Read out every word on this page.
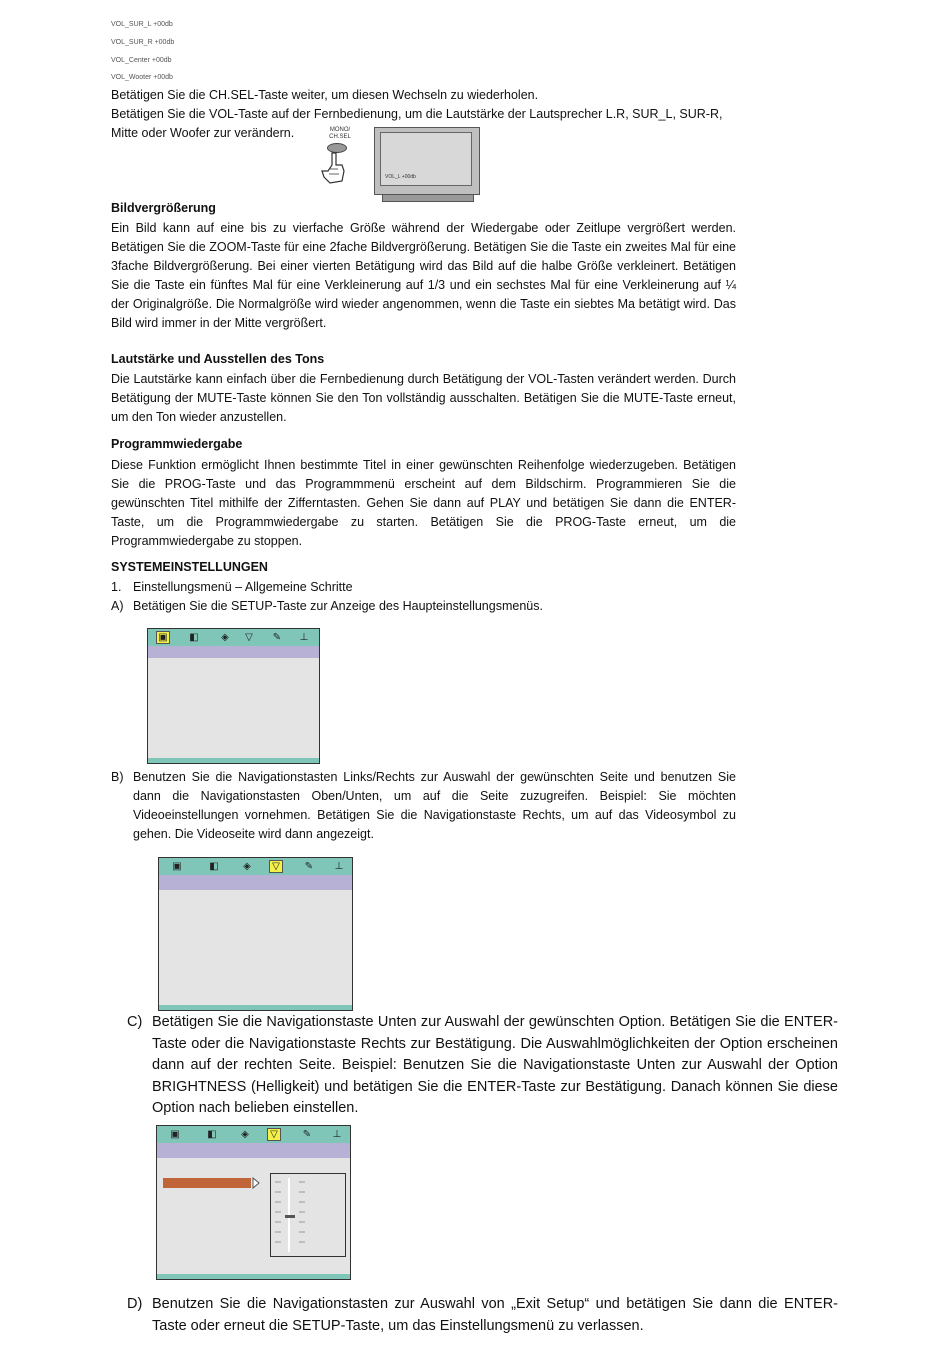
VOL_SUR_L +00db
VOL_SUR_R +00db
VOL_Center +00db
VOL_Wooter +00db
Betätigen Sie die CH.SEL-Taste weiter, um diesen Wechseln zu wiederholen.
Betätigen Sie die VOL-Taste auf der Fernbedienung, um die Lautstärke der Lautsprecher L.R, SUR_L, SUR-R,
Mitte oder Woofer zur verändern.	MONO/ CH.SEL
VOL_L +00db
Bildvergrößerung
Ein Bild kann auf eine bis zu vierfache Größe während der Wiedergabe oder Zeitlupe vergrößert werden. Betätigen Sie die ZOOM-Taste für eine 2fache Bildvergrößerung. Betätigen Sie die Taste ein zweites Mal für eine 3fache Bildvergrößerung. Bei einer vierten Betätigung wird das Bild auf die halbe Größe verkleinert. Betätigen Sie die Taste ein fünftes Mal für eine Verkleinerung auf 1/3 und ein sechstes Mal für eine Verkleinerung auf ¼ der Originalgröße. Die Normalgröße wird wieder angenommen, wenn die Taste ein siebtes Ma betätigt wird. Das Bild wird immer in der Mitte vergrößert.
Lautstärke und Ausstellen des Tons
Die Lautstärke kann einfach über die Fernbedienung durch Betätigung der VOL-Tasten verändert werden. Durch Betätigung der MUTE-Taste können Sie den Ton vollständig ausschalten. Betätigen Sie die MUTE-Taste erneut, um den Ton wieder anzustellen.
Programmwiedergabe
Diese Funktion ermöglicht Ihnen bestimmte Titel in einer gewünschten Reihenfolge wiederzugeben. Betätigen Sie die PROG-Taste und das Programmmenü erscheint auf dem Bildschirm. Programmieren Sie die gewünschten Titel mithilfe der Zifferntasten. Gehen Sie dann auf PLAY und betätigen Sie dann die ENTER-Taste, um die Programmwiedergabe zu starten. Betätigen Sie die PROG-Taste erneut, um die Programmwiedergabe zu stoppen.
SYSTEMEINSTELLUNGEN
1. Einstellungsmenü – Allgemeine Schritte
A) Betätigen Sie die SETUP-Taste zur Anzeige des Haupteinstellungsmenüs.
▣ ◧ ◈ ▽ ✎ ⊥
B) Benutzen Sie die Navigationstasten Links/Rechts zur Auswahl der gewünschten Seite und benutzen Sie dann die Navigationstasten Oben/Unten, um auf die Seite zuzugreifen. Beispiel: Sie möchten Videoeinstellungen vornehmen. Betätigen Sie die Navigationstaste Rechts, um auf das Videosymbol zu gehen. Die Videoseite wird dann angezeigt.
▣	◧ ◈ ▽ ✎ ⊥
C) Betätigen Sie die Navigationstaste Unten zur Auswahl der gewünschten Option. Betätigen Sie die ENTER-Taste oder die Navigationstaste Rechts zur Bestätigung. Die Auswahlmöglichkeiten der Option erscheinen dann auf der rechten Seite. Beispiel: Benutzen Sie die Navigationstaste Unten zur Auswahl der Option BRIGHTNESS (Helligkeit) und betätigen Sie die ENTER-Taste zur Bestätigung. Danach können Sie diese Option nach belieben einstellen.
▣	◧ ◈ ▽ ✎ ⊥
D) Benutzen Sie die Navigationstasten zur Auswahl von „Exit Setup“ und betätigen Sie dann die ENTER-Taste oder erneut die SETUP-Taste, um das Einstellungsmenü zu verlassen.
